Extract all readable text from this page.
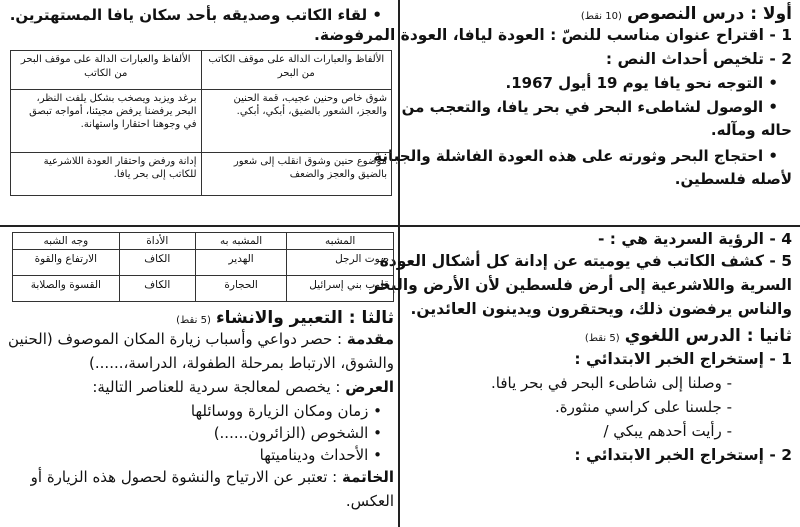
أولا : درس النصوص (10 نقط)
1 - اقتراح عنوان مناسب للنصّ : العودة ليافا، العودة المرفوضة.
2 - تلخيص أحداث النص :
• التوجه نحو يافا يوم 19 أيول 1967.
• الوصول لشاطىء البحر في بحر يافا، والتعجب من
حاله ومآله.
• احتجاج البحر وثورته على هذه العودة الفاشلة والجبانة
لأصله فلسطين.
• لقاء الكاتب وصديقه بأحد سكان يافا المستهترين.
الألفاظ والعبارات الدالة على موقف الكاتب من البحر	الألفاظ والعبارات الدالة على موقف البحر من الكاتب
شوق خاص وحنين عجيب، قمة الحنين والعجز، الشعور بالضيق، أبكي، أبكي.	برغد ويزبد ويصخب بشكل يلفت النظر، البحر يرفضنا يرفض مجيئنا، أمواجه تبصق في وجوهنا احتقارا واستهانة.
موضوع حنين وشوق انقلب إلى شعور بالضيق والعجز والضعف	إدانة ورفض واحتقار العودة اللاشرعية للكاتب إلى بحر يافا.
4 - الرؤية السردية هي : -
5 - كشف الكاتب في يوميته عن إدانة كل أشكال العودة
السرية واللاشرعية إلى أرض فلسطين لأن الأرض والبحر
والناس يرفضون ذلك، ويحتقرون ويدينون العائدين.
ثانيا : الدرس اللغوي (5 نقط)
1 - إستخراج الخبر الابتدائي :
- وصلنا إلى شاطىء البحر في بحر يافا.
- جلسنا على كراسي منثورة.
- رأيت أحدهم يبكي /
2 - إستخراج الخبر الابتدائي :
المشبه	المشبه به	الأداة	وجه الشبه
صوت الرجل	الهدير	الكاف	الارتفاع والقوة
قلوب بني إسرائيل	الحجارة	الكاف	القسوة والصلابة
ثالثا : التعبير والانشاء (5 نقط)
مقدمة : حصر دواعي وأسباب زيارة المكان الموصوف (الحنين
والشوق، الارتباط بمرحلة الطفولة، الدراسة،......)
العرض : يخصص لمعالجة سردية للعناصر التالية:
• زمان ومكان الزيارة ووسائلها
• الشخوص (الزائرون......)
• الأحداث وديناميتها
الخاتمة : تعتبر عن الارتياح والنشوة لحصول هذه الزيارة أو
العكس.
